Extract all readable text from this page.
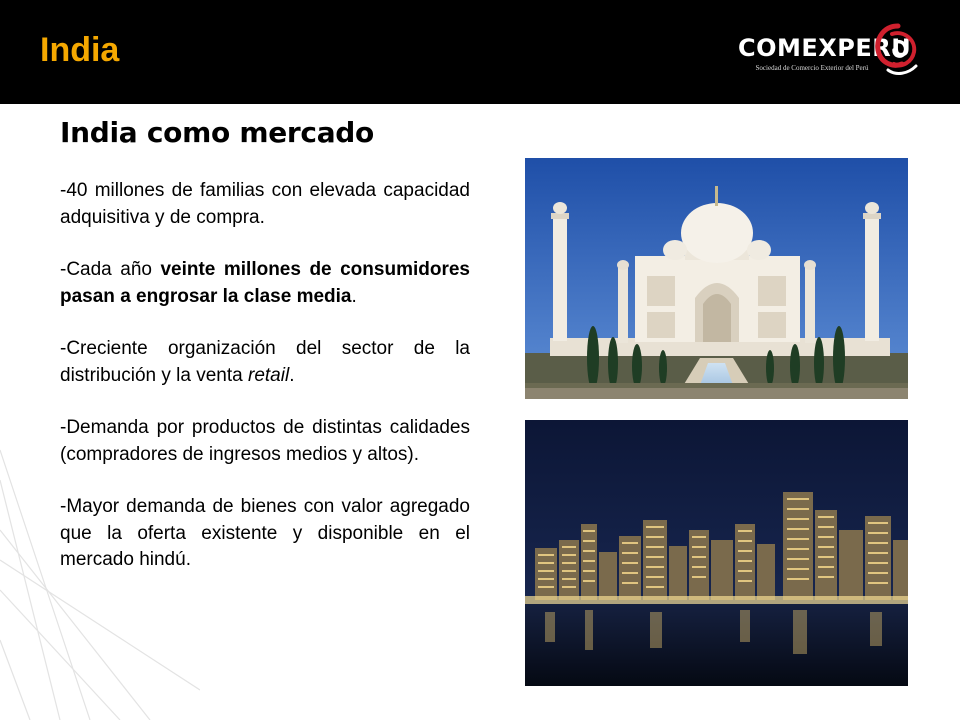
India	COMEXPERU
Sociedad de Comercio Exterior del Perú
India como mercado

-40 millones de familias con elevada capacidad adquisitiva y de compra.

-Cada año veinte millones de consumidores pasan a engrosar la clase media.

-Creciente organización del sector de la distribución y la venta retail.

-Demanda por productos de distintas calidades (compradores de ingresos medios y altos).

-Mayor demanda de bienes con valor agregado que la oferta existente y disponible en el mercado hindú.
